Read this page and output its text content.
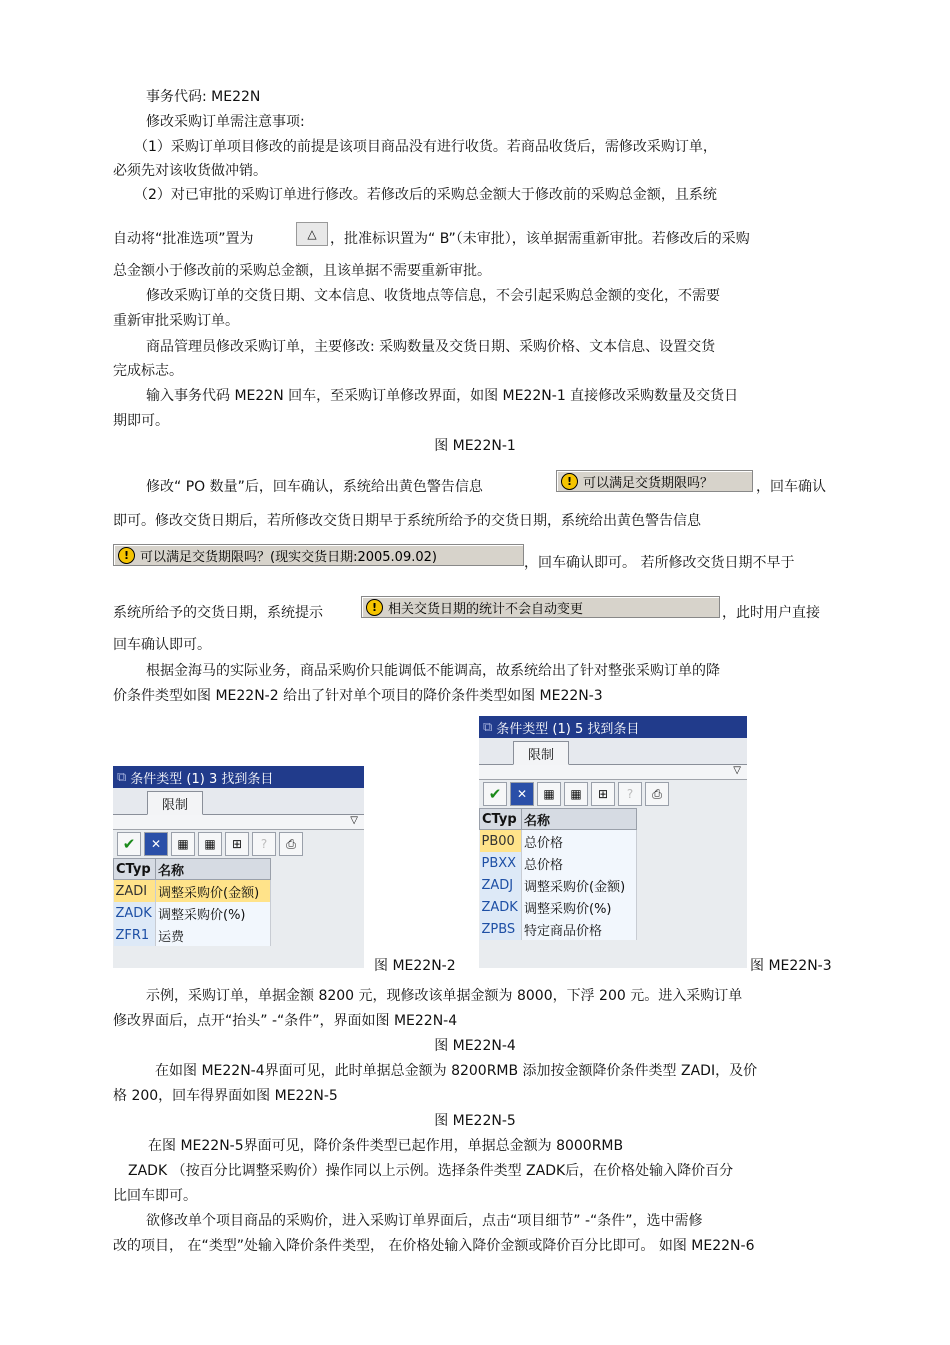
事务代码: ME22N
修改采购订单需注意事项:
（1）采购订单项目修改的前提是该项目商品没有进行收货。若商品收货后，需修改采购订单，
必须先对该收货做冲销。
（2）对已审批的采购订单进行修改。若修改后的采购总金额大于修改前的采购总金额，且系统
自动将“批准选项”置为	△ ，批准标识置为“ B”（未审批），该单据需重新审批。若修改后的采购
总金额小于修改前的采购总金额，且该单据不需要重新审批。
修改采购订单的交货日期、文本信息、收货地点等信息，不会引起采购总金额的变化，不需要
重新审批采购订单。
商品管理员修改采购订单，主要修改: 采购数量及交货日期、采购价格、文本信息、设置交货
完成标志。
输入事务代码 ME22N 回车，至采购订单修改界面，如图 ME22N-1 直接修改采购数量及交货日
期即可。
图 ME22N-1
修改“ PO 数量”后，回车确认，系统给出黄色警告信息	! 可以满足交货期限吗？	，回车确认
即可。修改交货日期后，若所修改交货日期早于系统所给予的交货日期，系统给出黄色警告信息
! 可以满足交货期限吗？(现实交货日期:2005.09.02)	，回车确认即可。 若所修改交货日期不早于
系统所给予的交货日期，系统提示	! 相关交货日期的统计不会自动变更	，此时用户直接
回车确认即可。
根据金海马的实际业务，商品采购价只能调低不能调高，故系统给出了针对整张采购订单的降
价条件类型如图 ME22N-2 给出了针对单个项目的降价条件类型如图 ME22N-3
⧉ 条件类型 (1) 3 找到条目
限制
▽
✔	✕	▦	▦	⊞	?	⎙
CTyp	名称
ZADI	调整采购价(金额)
ZADK	调整采购价(%)
ZFR1	运费
图 ME22N-2
⧉ 条件类型 (1) 5 找到条目
限制
▽
✔	✕	▦	▦	⊞	?	⎙
CTyp	名称
PB00	总价格
PBXX	总价格
ZADJ	调整采购价(金额)
ZADK	调整采购价(%)
ZPBS	特定商品价格
图 ME22N-3
示例，采购订单，单据金额 8200 元，现修改该单据金额为 8000，下浮 200 元。进入采购订单
修改界面后，点开“抬头” -“条件”，界面如图 ME22N-4
图 ME22N-4
在如图 ME22N-4界面可见，此时单据总金额为 8200RMB 添加按金额降价条件类型 ZADI，及价
格 200，回车得界面如图 ME22N-5
图 ME22N-5
在图 ME22N-5界面可见，降价条件类型已起作用，单据总金额为 8000RMB
ZADK （按百分比调整采购价）操作同以上示例。选择条件类型 ZADK后，在价格处输入降价百分
比回车即可。
欲修改单个项目商品的采购价，进入采购订单界面后，点击“项目细节” -“条件”，选中需修
改的项目， 在“类型”处输入降价条件类型， 在价格处输入降价金额或降价百分比即可。 如图 ME22N-6
